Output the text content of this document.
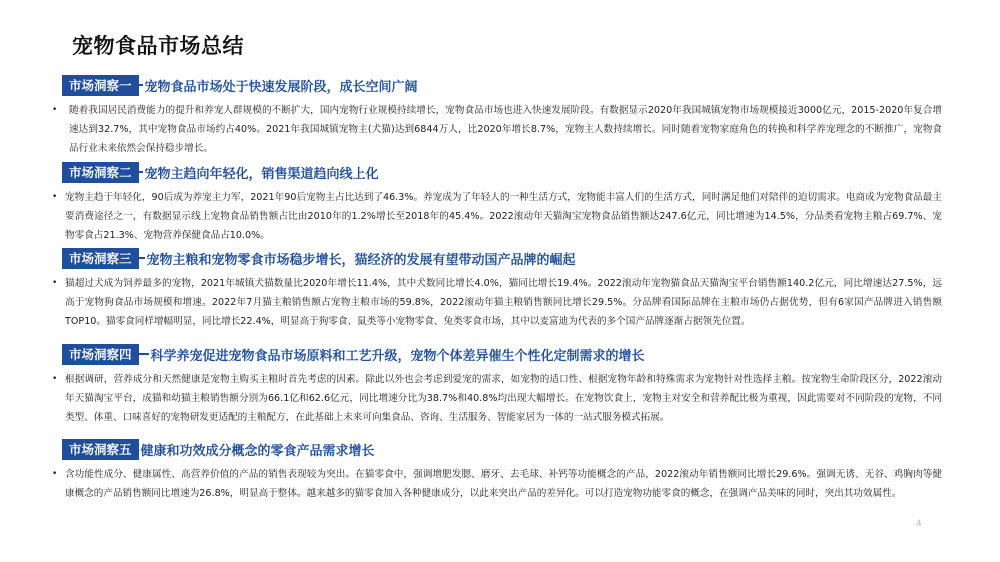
宠物食品市场总结
市场洞察一	宠物食品市场处于快速发展阶段，成长空间广阔
• 随着我国居民消费能力的提升和养宠人群规模的不断扩大，国内宠物行业规模持续增长，宠物食品市场也进入快速发展阶段。有数据显示2020年我国城镇宠物市场规模接近3000亿元，2015-2020年复合增速达到32.7%，其中宠物食品市场约占40%。2021年我国城镇宠物主(犬猫)达到6844万人，比2020年增长8.7%，宠物主人数持续增长。同时随着宠物家庭角色的转换和科学养宠理念的不断推广，宠物食品行业未来依然会保持稳步增长。
市场洞察二	宠物主趋向年轻化，销售渠道趋向线上化
• 宠物主趋于年轻化，90后成为养宠主力军，2021年90后宠物主占比达到了46.3%。养宠成为了年轻人的一种生活方式，宠物能丰富人们的生活方式，同时满足他们对陪伴的迫切需求。电商成为宠物食品最主要消费途径之一，有数据显示线上宠物食品销售额占比由2010年的1.2%增长至2018年的45.4%。2022滚动年天猫淘宝宠物食品销售额达247.6亿元，同比增速为14.5%，分品类看宠物主粮占69.7%、宠物零食占21.3%、宠物营养保健食品占10.0%。
市场洞察三	宠物主粮和宠物零食市场稳步增长，猫经济的发展有望带动国产品牌的崛起
• 猫超过犬成为饲养最多的宠物，2021年城镇犬猫数量比2020年增长11.4%，其中犬数同比增长4.0%，猫同比增长19.4%。2022滚动年宠物猫食品天猫淘宝平台销售额140.2亿元，同比增速达27.5%，远高于宠物狗食品市场规模和增速。2022年7月猫主粮销售额占宠物主粮市场的59.8%，2022滚动年猫主粮销售额同比增长29.5%。分品牌看国际品牌在主粮市场仍占据优势，但有6家国产品牌进入销售额TOP10。猫零食同样增幅明显，同比增长22.4%，明显高于狗零食、鼠类等小宠物零食、兔类零食市场，其中以麦富迪为代表的多个国产品牌逐渐占据领先位置。
市场洞察四	科学养宠促进宠物食品市场原料和工艺升级，宠物个体差异催生个性化定制需求的增长
• 根据调研，营养成分和天然健康是宠物主购买主粮时首先考虑的因素。除此以外也会考虑到爱宠的需求，如宠物的适口性、根据宠物年龄和特殊需求为宠物针对性选择主粮。按宠物生命阶段区分，2022滚动年天猫淘宝平台，成猫和幼猫主粮销售额分别为66.1亿和62.6亿元，同比增速分比为38.7%和40.8%均出现大幅增长。在宠物饮食上，宠物主对安全和营养配比极为重视，因此需要对不同阶段的宠物，不同类型、体重、口味喜好的宠物研发更适配的主粮配方，在此基础上未来可向集食品、咨询、生活服务、智能家居为一体的一站式服务模式拓展。
市场洞察五 健康和功效成分概念的零食产品需求增长
• 含功能性成分、健康属性、高营养价值的产品的销售表现较为突出。在猫零食中，强调增肥发腮、磨牙、去毛球、补钙等功能概念的产品，2022滚动年销售额同比增长29.6%。强调无诱、无谷、鸡胸肉等健康概念的产品销售额同比增速为26.8%，明显高于整体。越来越多的猫零食加入各种健康成分，以此来突出产品的差异化。可以打造宠物功能零食的概念，在强调产品美味的同时，突出其功效属性。
4
